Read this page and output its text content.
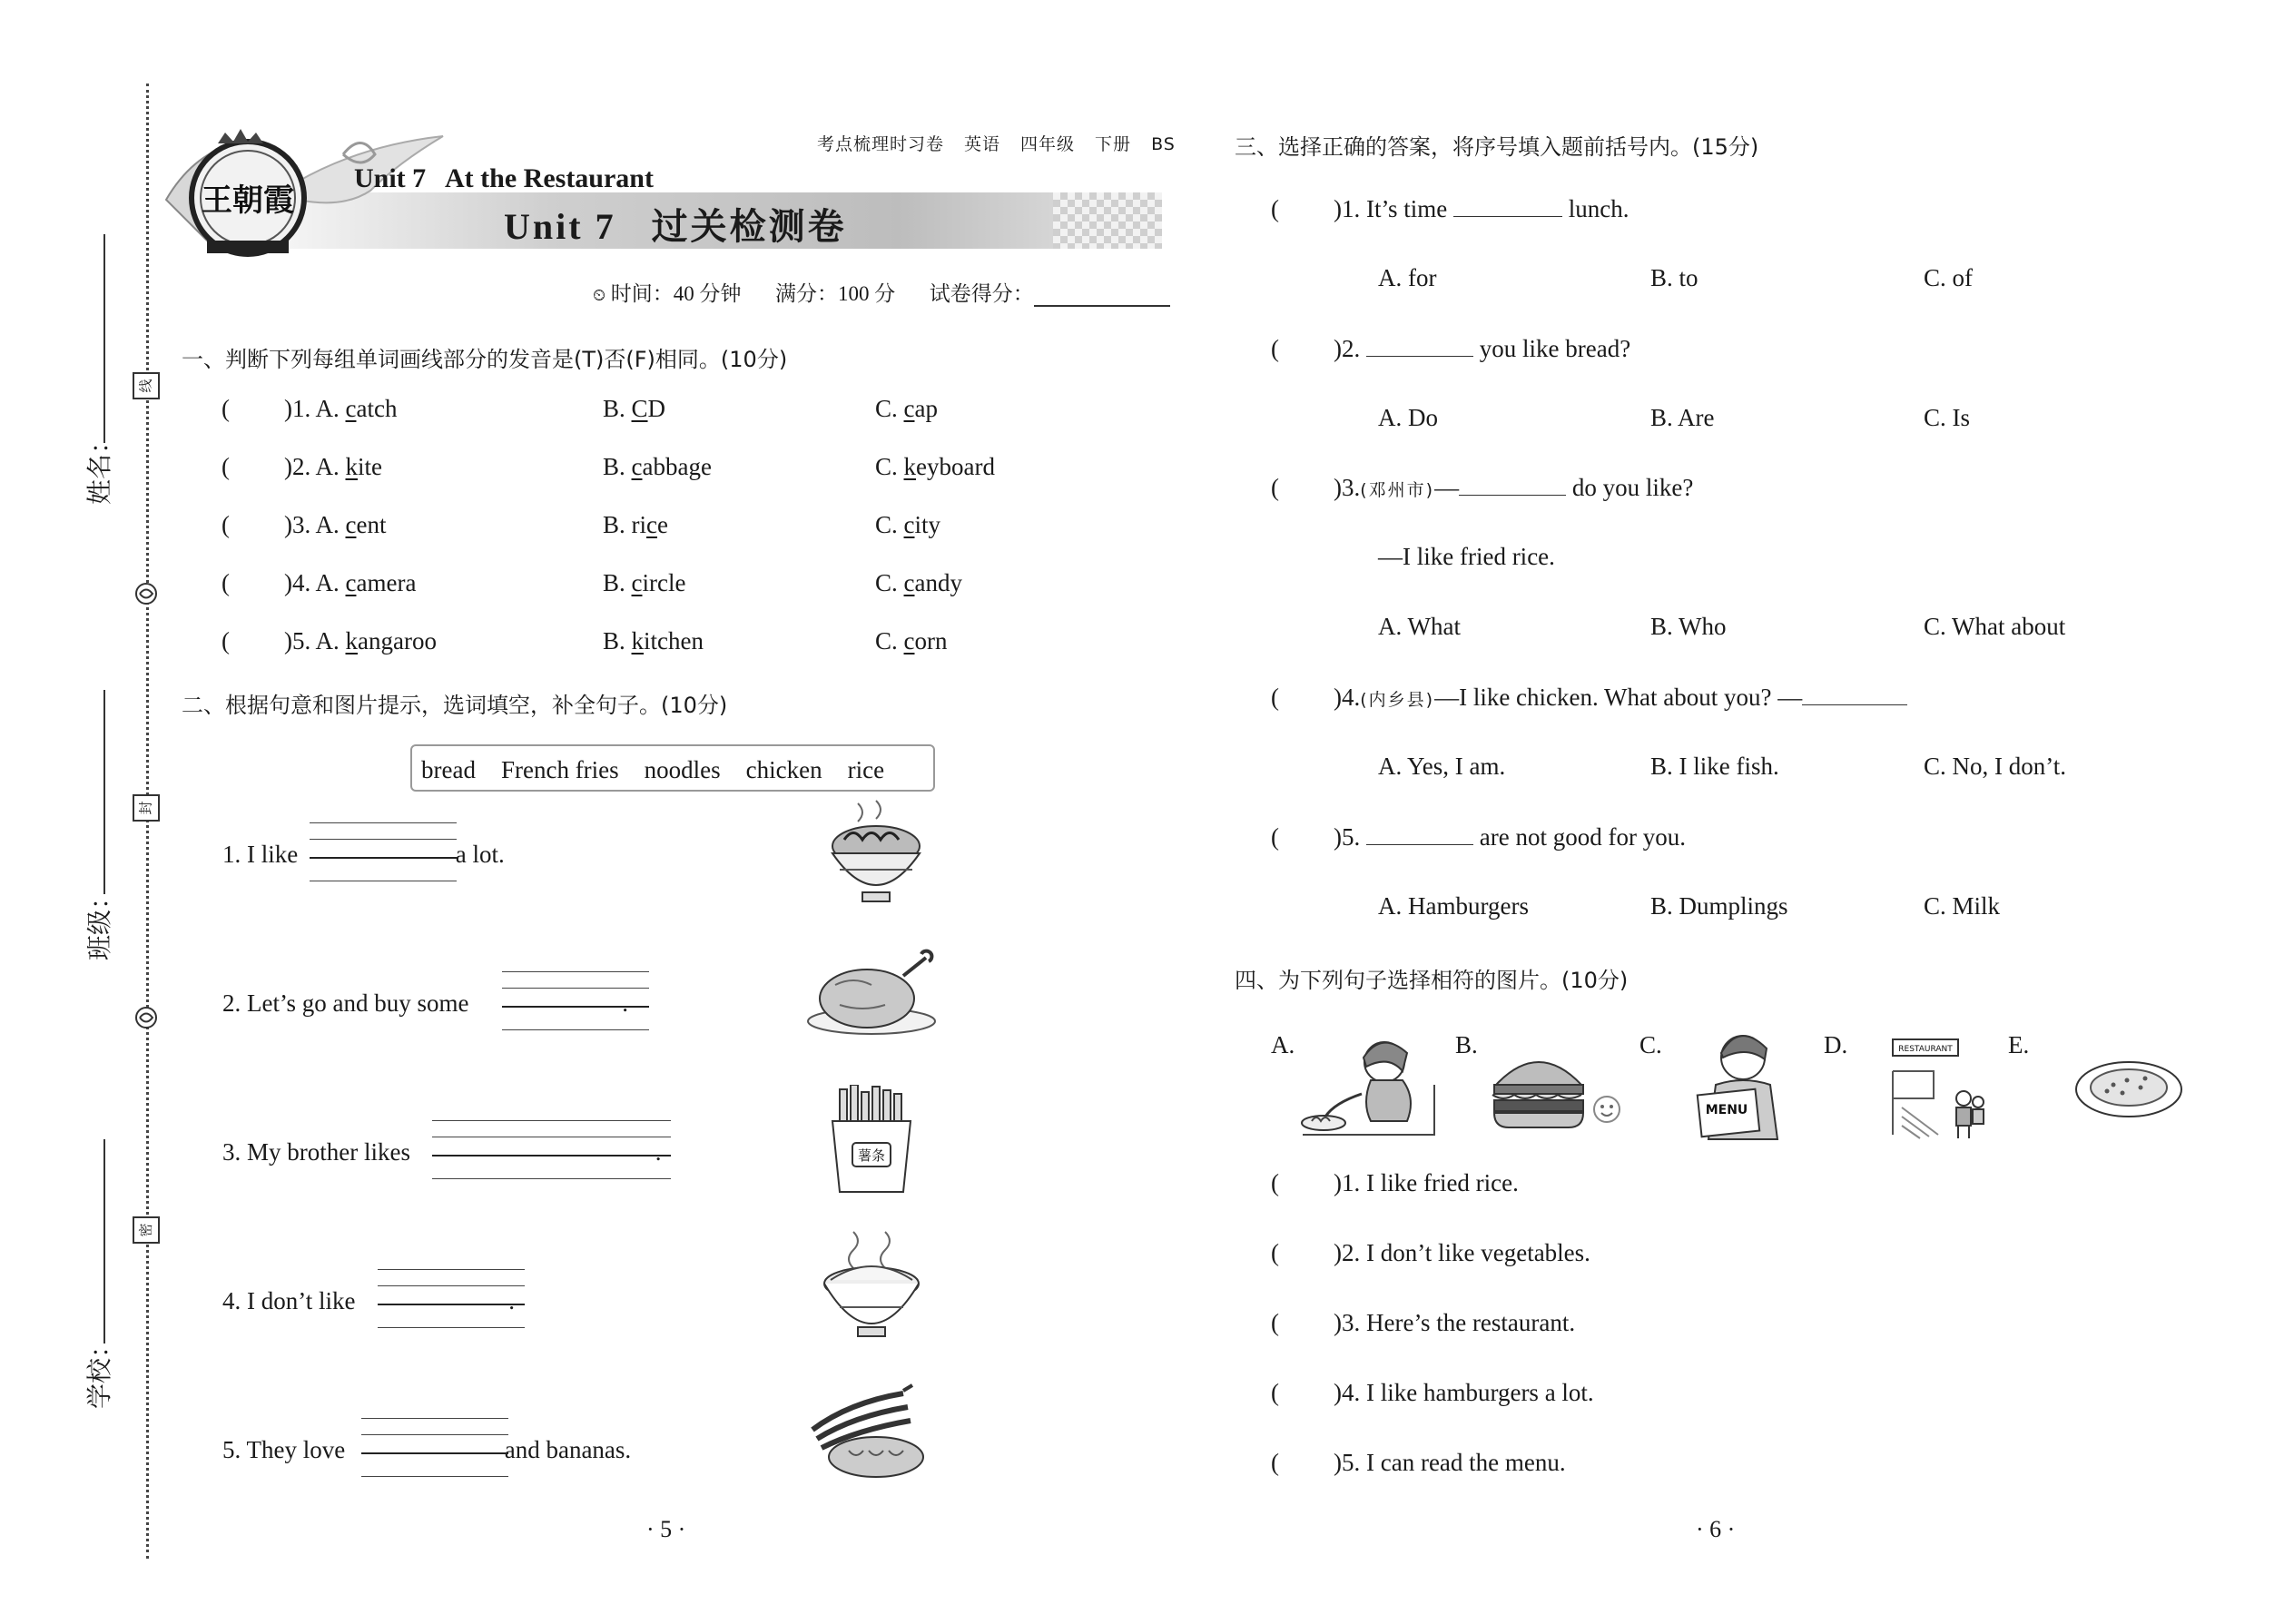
姓名：
班级：
学校：
线
封
密
王朝霞
考点梳理时习卷 英语 四年级 下册 BS
Unit 7   At the Restaurant
Unit 7   过关检测卷
⏲ 时间：40 分钟 满分：100 分 试卷得分：
一、判断下列每组单词画线部分的发音是(T)否(F)相同。(10分)
( )1. A. catch	B. CD	C. cap
( )2. A. kite	B. cabbage	C. keyboard
( )3. A. cent	B. rice	C. city
( )4. A. camera	B. circle	C. candy
( )5. A. kangaroo	B. kitchen	C. corn
二、根据句意和图片提示，选词填空，补全句子。(10分)
bread French fries noodles chicken rice
1. I like	a lot.
2. Let’s go and buy some	.
3. My brother likes	.
4. I don’t like	.
5. They love	and bananas.
薯条
· 5 ·
三、选择正确的答案，将序号填入题前括号内。(15分)
( )1. It’s time	lunch.
A. for	B. to	C. of
( )2.	you like bread?
A. Do	B. Are	C. Is
( )3.(邓州市)—	do you like?
—I like fried rice.
A. What	B. Who	C. What about
( )4.(内乡县)—I like chicken. What about you? —
A. Yes, I am.	B. I like fish.	C. No, I don’t.
( )5.	are not good for you.
A. Hamburgers	B. Dumplings	C. Milk
四、为下列句子选择相符的图片。(10分)
A.	B.	C.	D.	E.
MENU
RESTAURANT
( )1. I like fried rice.
( )2. I don’t like vegetables.
( )3. Here’s the restaurant.
( )4. I like hamburgers a lot.
( )5. I can read the menu.
· 6 ·
